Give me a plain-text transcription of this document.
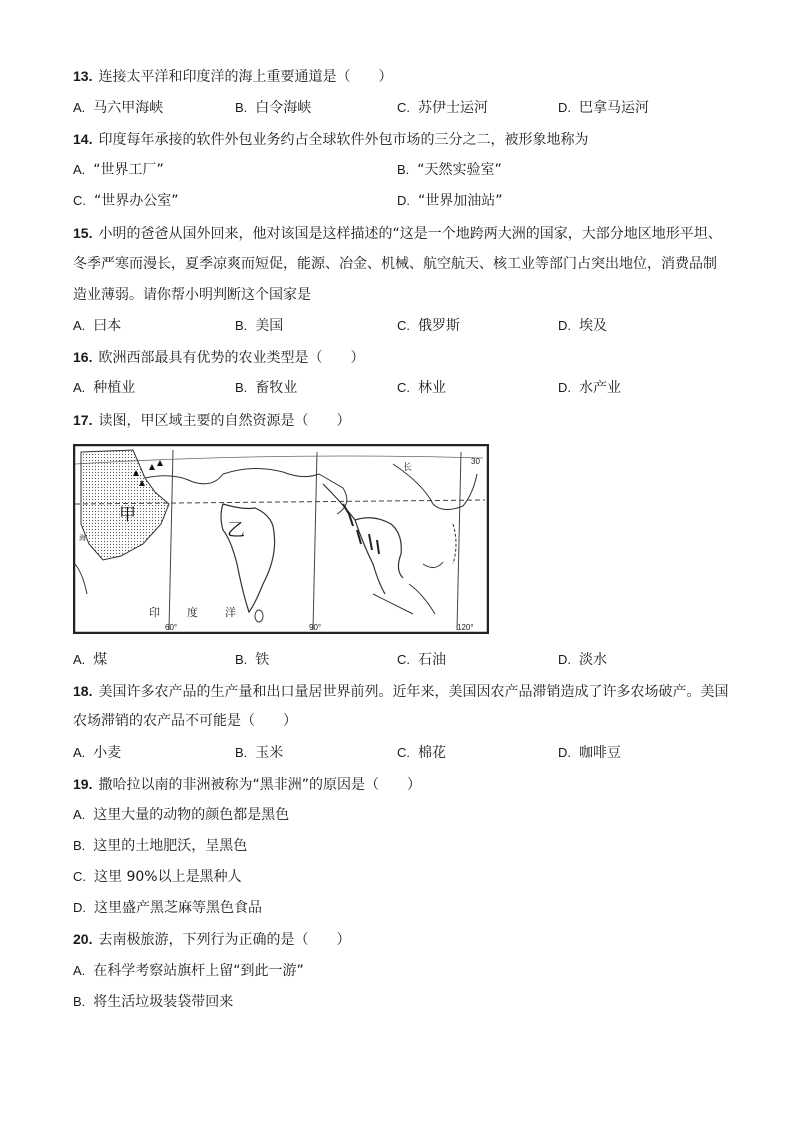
13. 连接太平洋和印度洋的海上重要通道是（　　）
A. 马六甲海峡	B. 白令海峡	C. 苏伊士运河	D. 巴拿马运河
14. 印度每年承接的软件外包业务约占全球软件外包市场的三分之二，被形象地称为
A. “世界工厂”	B. “天然实验室”
C. “世界办公室”	D. “世界加油站”
15. 小明的爸爸从国外回来，他对该国是这样描述的“这是一个地跨两大洲的国家，大部分地区地形平坦、
冬季严寒而漫长，夏季凉爽而短促，能源、冶金、机械、航空航天、核工业等部门占突出地位，消费品制
造业薄弱。请你帮小明判断这个国家是
A. 曰本	B. 美国	C. 俄罗斯	D. 埃及
16. 欧洲西部最具有优势的农业类型是（　　）
A. 种植业	B. 畜牧业	C. 林业	D. 水产业
17. 读图，甲区域主要的自然资源是（　　）
甲
乙
印 度 洋
60°	90°	120°
30
长
海
A. 煤	B. 铁	C. 石油	D. 淡水
18. 美国许多农产品的生产量和出口量居世界前列。近年来，美国因农产品滞销造成了许多农场破产。美国
农场滞销的农产品不可能是（　　）
A. 小麦	B. 玉米	C. 棉花	D. 咖啡豆
19. 撒哈拉以南的非洲被称为“黑非洲”的原因是（　　）
A. 这里大量的动物的颜色都是黑色
B. 这里的土地肥沃，呈黑色
C. 这里 90%以上是黑种人
D. 这里盛产黑芝麻等黑色食品
20. 去南极旅游，下列行为正确的是（　　）
A. 在科学考察站旗杆上留“到此一游”
B. 将生活垃圾装袋带回来
